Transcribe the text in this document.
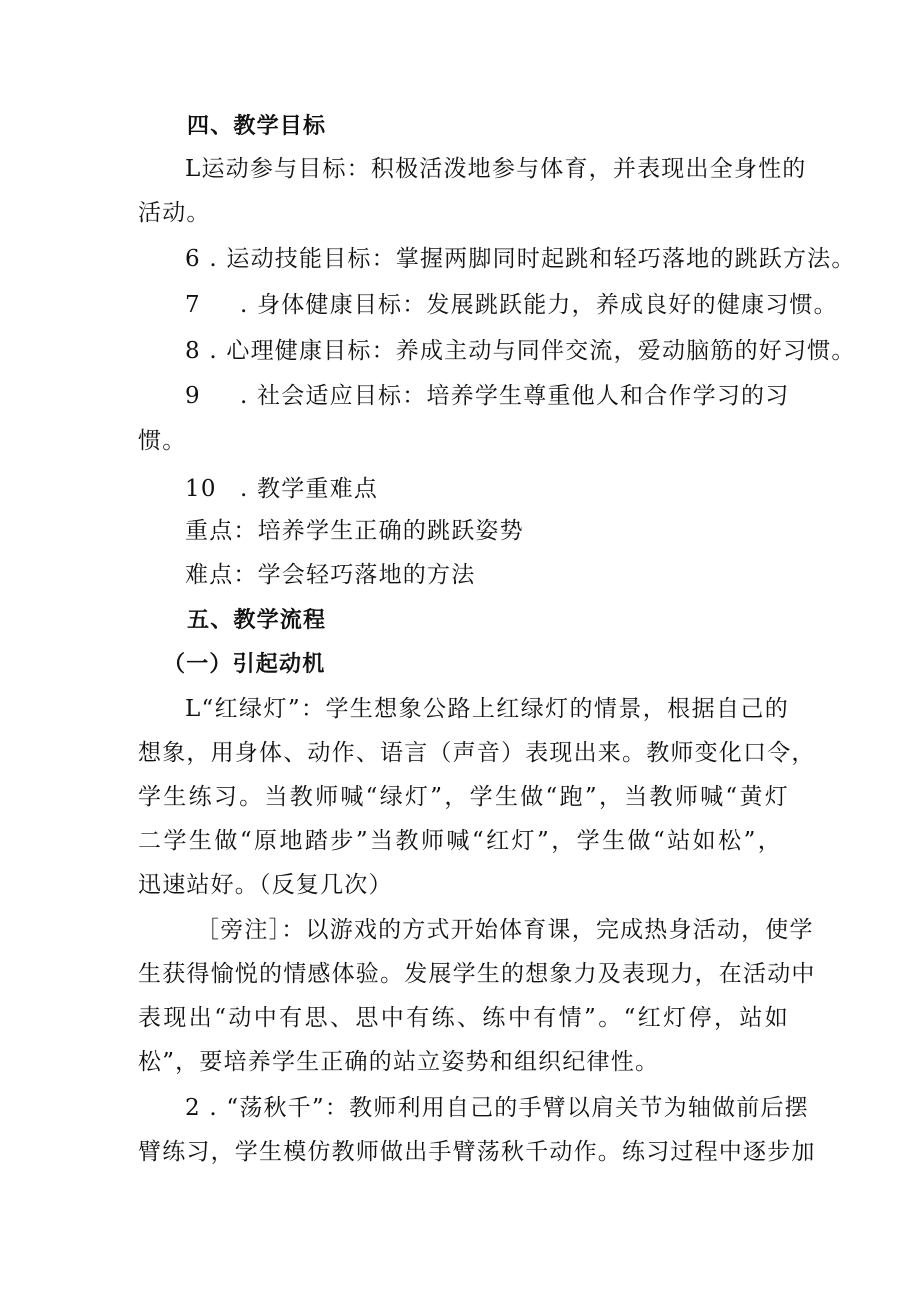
四、教学目标
L运动参与目标：积极活泼地参与体育，并表现出全身性的
活动。
6 . 运动技能目标：掌握两脚同时起跳和轻巧落地的跳跃方法。
7 . 身体健康目标：发展跳跃能力，养成良好的健康习惯。
8 . 心理健康目标：养成主动与同伴交流，爱动脑筋的好习惯。
9 . 社会适应目标：培养学生尊重他人和合作学习的习
惯。
10 . 教学重难点
重点：培养学生正确的跳跃姿势
难点：学会轻巧落地的方法
五、教学流程
（一）引起动机
L“红绿灯”：学生想象公路上红绿灯的情景，根据自己的
想象，用身体、动作、语言（声音）表现出来。教师变化口令，
学生练习。当教师喊“绿灯”，学生做“跑”，当教师喊“黄灯
二学生做“原地踏步”当教师喊“红灯”，学生做“站如松”，
迅速站好。（反复几次）
［旁注］：以游戏的方式开始体育课，完成热身活动，使学
生获得愉悦的情感体验。发展学生的想象力及表现力，在活动中
表现出“动中有思、思中有练、练中有情”。“红灯停，站如
松”，要培养学生正确的站立姿势和组织纪律性。
2 . “荡秋千”：教师利用自己的手臂以肩关节为轴做前后摆
臂练习，学生模仿教师做出手臂荡秋千动作。练习过程中逐步加
